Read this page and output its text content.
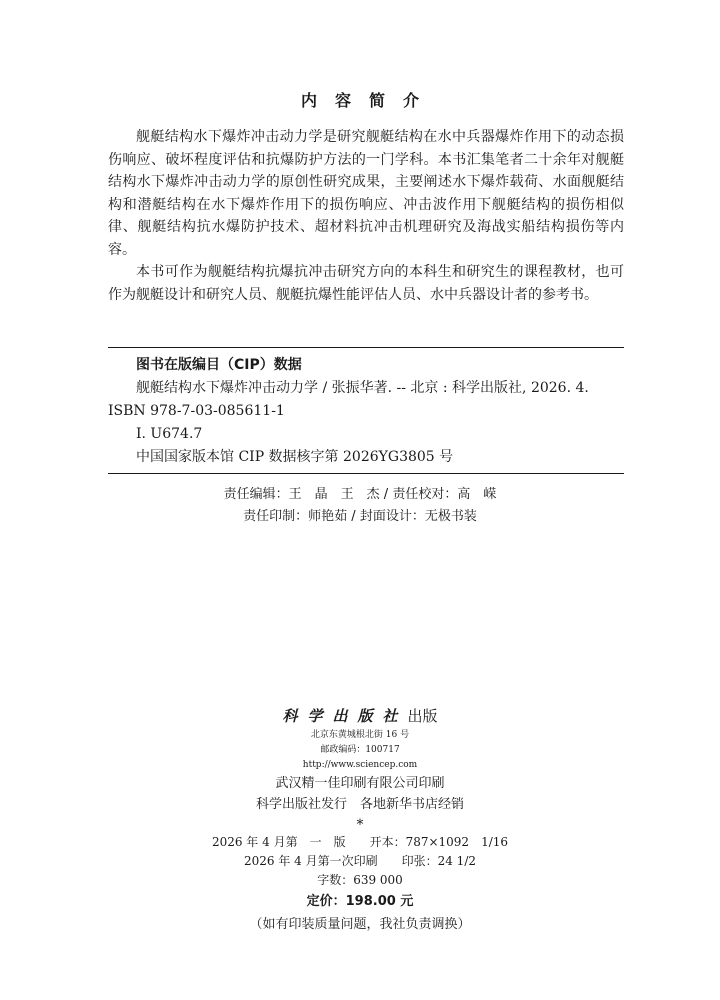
内容简介

舰艇结构水下爆炸冲击动力学是研究舰艇结构在水中兵器爆炸作用下的动态损伤响应、破坏程度评估和抗爆防护方法的一门学科。本书汇集笔者二十余年对舰艇结构水下爆炸冲击动力学的原创性研究成果，主要阐述水下爆炸载荷、水面舰艇结构和潜艇结构在水下爆炸作用下的损伤响应、冲击波作用下舰艇结构的损伤相似律、舰艇结构抗水爆防护技术、超材料抗冲击机理研究及海战实船结构损伤等内容。

本书可作为舰艇结构抗爆抗冲击研究方向的本科生和研究生的课程教材，也可作为舰艇设计和研究人员、舰艇抗爆性能评估人员、水中兵器设计者的参考书。

图书在版编目（CIP）数据
舰艇结构水下爆炸冲击动力学 / 张振华著. -- 北京 : 科学出版社, 2026. 4.
ISBN 978-7-03-085611-1
Ⅰ. U674.7
中国国家版本馆 CIP 数据核字第 2026YG3805 号
责任编辑：王　晶　王　杰 / 责任校对：高　嵘
责任印制：师艳茹 / 封面设计：无极书装
科学出版社出版
北京东黄城根北街 16 号
邮政编码：100717
http://www.sciencep.com
武汉精一佳印刷有限公司印刷
科学出版社发行　各地新华书店经销
*
2026 年 4 月第　一　版　　开本：787×1092　1/16
2026 年 4 月第一次印刷　　印张：24 1/2
字数：639 000
定价：198.00 元
（如有印装质量问题，我社负责调换）
